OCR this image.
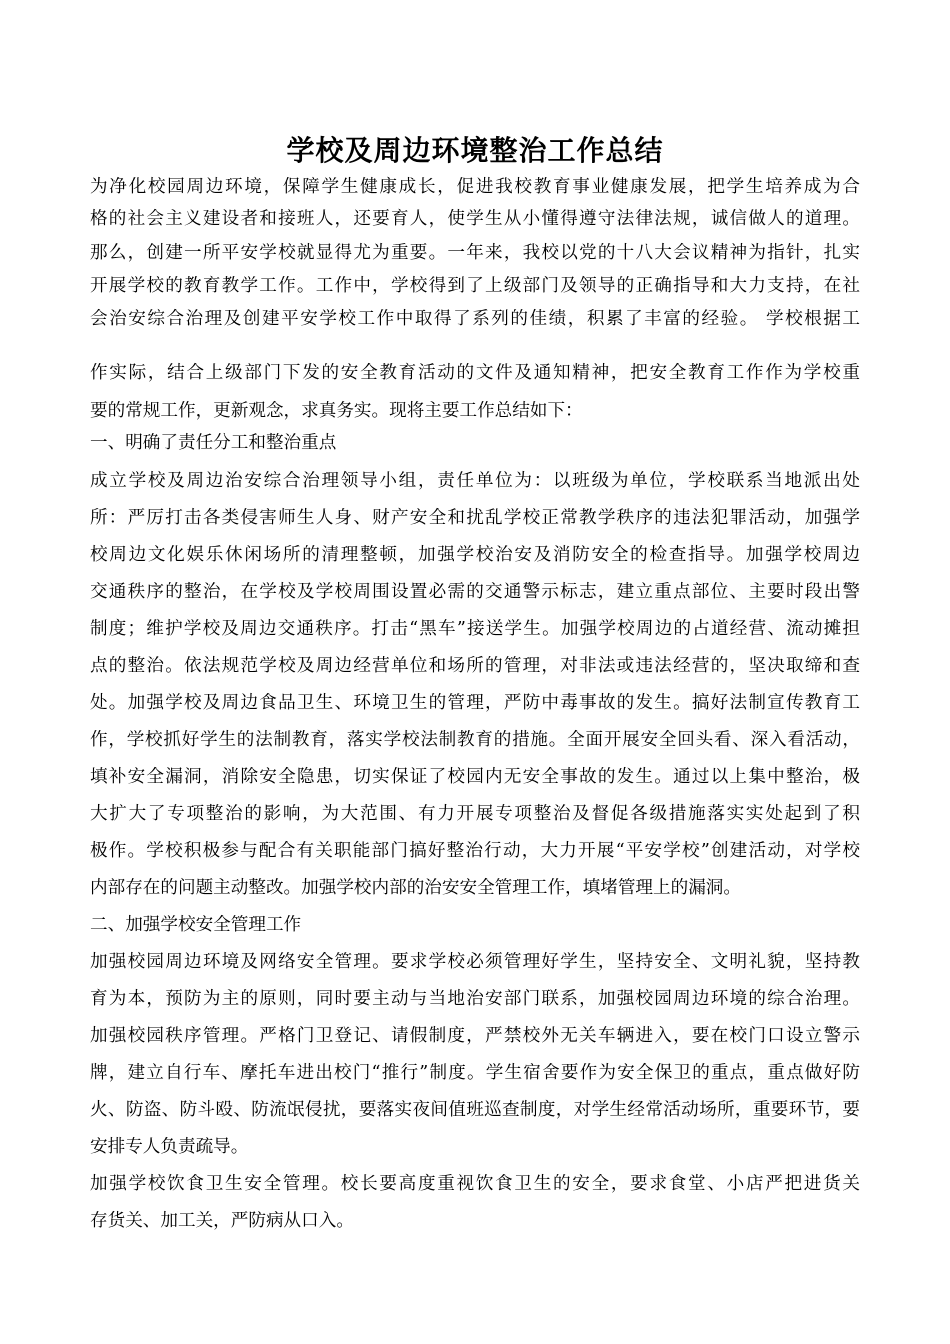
学校及周边环境整治工作总结

为净化校园周边环境，保障学生健康成长，促进我校教育事业健康发展，把学生培养成为合

格的社会主义建设者和接班人，还要育人，使学生从小懂得遵守法律法规，诚信做人的道理。

那么，创建一所平安学校就显得尤为重要。一年来，我校以党的十八大会议精神为指针，扎实

开展学校的教育教学工作。工作中，学校得到了上级部门及领导的正确指导和大力支持，在社

会治安综合治理及创建平安学校工作中取得了系列的佳绩，积累了丰富的经验。 学校根据工

作实际，结合上级部门下发的安全教育活动的文件及通知精神，把安全教育工作作为学校重

要的常规工作，更新观念，求真务实。现将主要工作总结如下：

一、明确了责任分工和整治重点

成立学校及周边治安综合治理领导小组，责任单位为：以班级为单位，学校联系当地派出处

所：严厉打击各类侵害师生人身、财产安全和扰乱学校正常教学秩序的违法犯罪活动，加强学

校周边文化娱乐休闲场所的清理整顿，加强学校治安及消防安全的检查指导。加强学校周边

交通秩序的整治，在学校及学校周围设置必需的交通警示标志，建立重点部位、主要时段出警

制度；维护学校及周边交通秩序。打击“黑车”接送学生。加强学校周边的占道经营、流动摊担

点的整治。依法规范学校及周边经营单位和场所的管理，对非法或违法经营的，坚决取缔和查

处。加强学校及周边食品卫生、环境卫生的管理，严防中毒事故的发生。搞好法制宣传教育工

作，学校抓好学生的法制教育，落实学校法制教育的措施。全面开展安全回头看、深入看活动，

填补安全漏洞，消除安全隐患，切实保证了校园内无安全事故的发生。通过以上集中整治，极

大扩大了专项整治的影响，为大范围、有力开展专项整治及督促各级措施落实实处起到了积

极作。学校积极参与配合有关职能部门搞好整治行动，大力开展“平安学校”创建活动，对学校

内部存在的问题主动整改。加强学校内部的治安安全管理工作，填堵管理上的漏洞。

二、加强学校安全管理工作

加强校园周边环境及网络安全管理。要求学校必须管理好学生，坚持安全、文明礼貌，坚持教

育为本，预防为主的原则，同时要主动与当地治安部门联系，加强校园周边环境的综合治理。

加强校园秩序管理。严格门卫登记、请假制度，严禁校外无关车辆进入，要在校门口设立警示

牌，建立自行车、摩托车进出校门“推行”制度。学生宿舍要作为安全保卫的重点，重点做好防

火、防盗、防斗殴、防流氓侵扰，要落实夜间值班巡查制度，对学生经常活动场所，重要环节，要

安排专人负责疏导。

加强学校饮食卫生安全管理。校长要高度重视饮食卫生的安全，要求食堂、小店严把进货关

存货关、加工关，严防病从口入。
